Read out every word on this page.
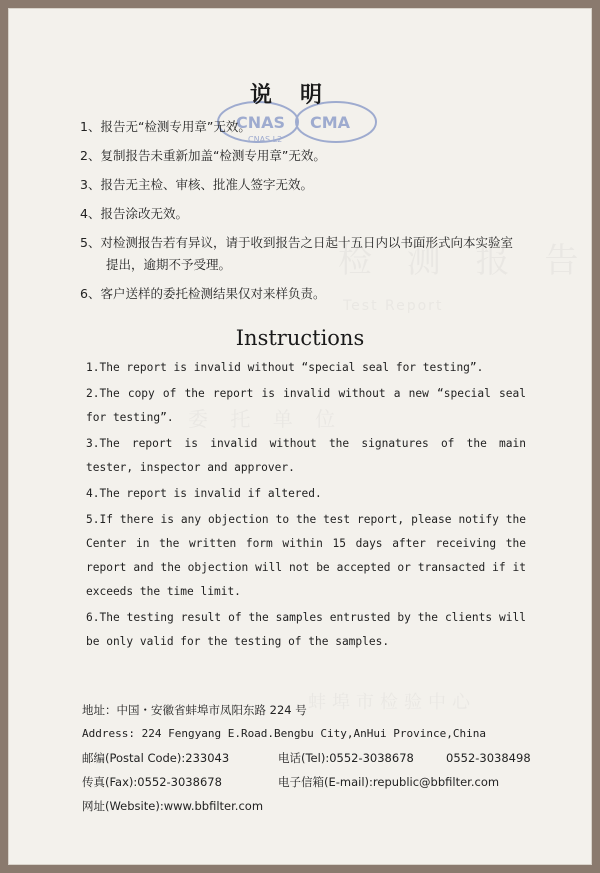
检 测 报 告
Test Report
委 托 单 位
蚌埠市检验中心
CNAS
CNAS L2
CMA
说明
1、报告无“检测专用章”无效。
2、复制报告未重新加盖“检测专用章”无效。
3、报告无主检、审核、批准人签字无效。
4、报告涂改无效。
5、对检测报告若有异议，请于收到报告之日起十五日内以书面形式向本实验室
提出，逾期不予受理。
6、客户送样的委托检测结果仅对来样负责。
Instructions
1.The report is invalid without “special seal for testing”.
2.The copy of the report is invalid without a new “special seal for testing”.
3.The report is invalid without the signatures of the main tester, inspector and approver.
4.The report is invalid if altered.
5.If there is any objection to the test report, please notify the Center in the written form within 15 days after receiving the report and the objection will not be accepted or transacted if it exceeds the time limit.
6.The testing result of the samples entrusted by the clients will be only valid for the testing of the samples.
地址：中国・安徽省蚌埠市凤阳东路 224 号
Address: 224 Fengyang E.Road.Bengbu City,AnHui Province,China
邮编(Postal Code):233043	电话(Tel):0552-3038678	0552-3038498
传真(Fax):0552-3038678	电子信箱(E-mail):republic@bbfilter.com
网址(Website):www.bbfilter.com
